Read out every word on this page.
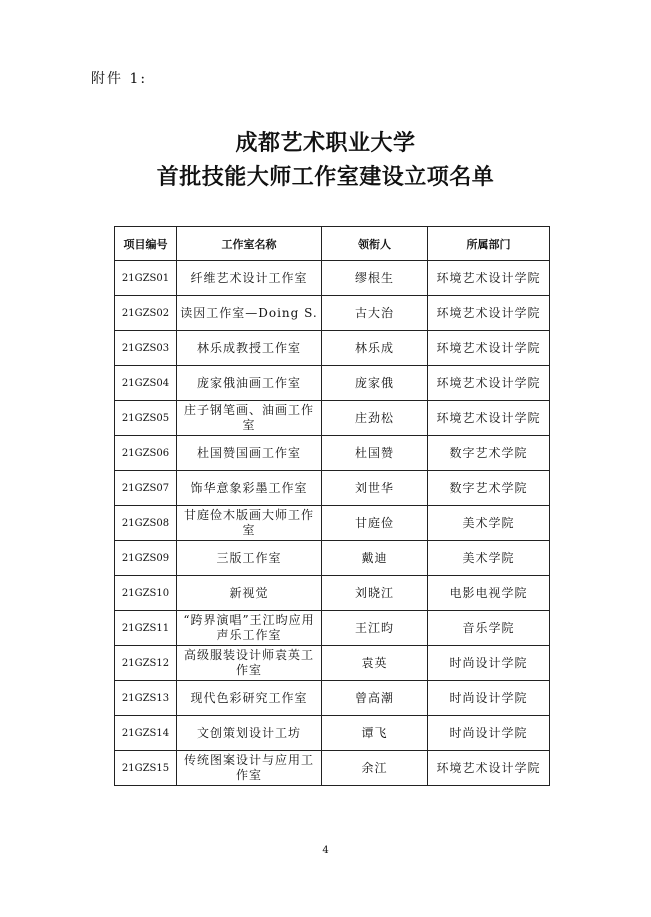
附件 1:
成都艺术职业大学
首批技能大师工作室建设立项名单
项目编号	工作室名称	领衔人	所属部门
21GZS01	纤维艺术设计工作室	缪根生	环境艺术设计学院
21GZS02	读因工作室—Doing S.	古大治	环境艺术设计学院
21GZS03	林乐成教授工作室	林乐成	环境艺术设计学院
21GZS04	庞家俄油画工作室	庞家俄	环境艺术设计学院
21GZS05	庄子钢笔画、油画工作室	庄劲松	环境艺术设计学院
21GZS06	杜国赞国画工作室	杜国赞	数字艺术学院
21GZS07	饰华意象彩墨工作室	刘世华	数字艺术学院
21GZS08	甘庭俭木版画大师工作室	甘庭俭	美术学院
21GZS09	三版工作室	戴迪	美术学院
21GZS10	新视觉	刘晓江	电影电视学院
21GZS11	“跨界演唱”王江昀应用声乐工作室	王江昀	音乐学院
21GZS12	高级服装设计师袁英工作室	袁英	时尚设计学院
21GZS13	现代色彩研究工作室	曾高潮	时尚设计学院
21GZS14	文创策划设计工坊	谭飞	时尚设计学院
21GZS15	传统图案设计与应用工作室	余江	环境艺术设计学院
4
